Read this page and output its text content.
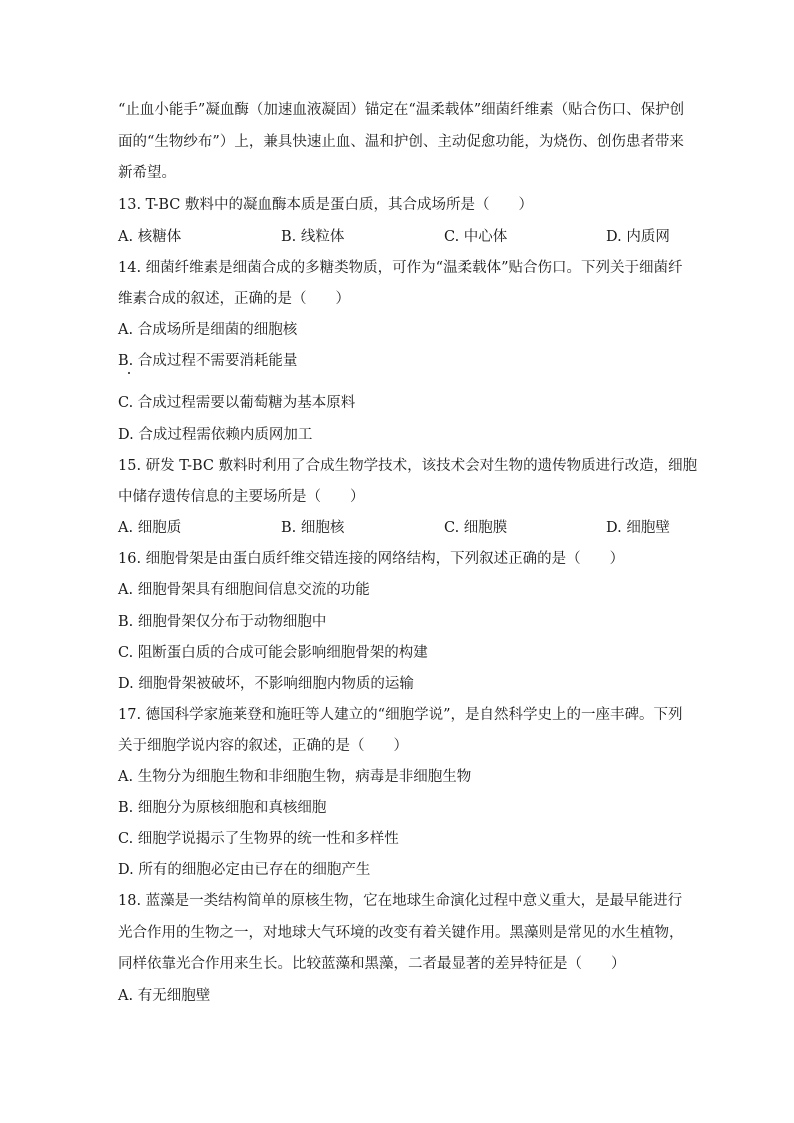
“止血小能手”凝血酶（加速血液凝固）锚定在“温柔载体”细菌纤维素（贴合伤口、保护创
面的“生物纱布”）上，兼具快速止血、温和护创、主动促愈功能，为烧伤、创伤患者带来
新希望。
13. T-BC 敷料中的凝血酶本质是蛋白质，其合成场所是（　　）
A. 核糖体	B. 线粒体	C. 中心体	D. 内质网
14. 细菌纤维素是细菌合成的多糖类物质，可作为“温柔载体”贴合伤口。下列关于细菌纤
维素合成的叙述，正确的是（　　）
A. 合成场所是细菌的细胞核
B. 合成过程不需要消耗能量
C. 合成过程需要以葡萄糖为基本原料
D. 合成过程需依赖内质网加工
15. 研发 T-BC 敷料时利用了合成生物学技术，该技术会对生物的遗传物质进行改造，细胞
中储存遗传信息的主要场所是（　　）
A. 细胞质	B. 细胞核	C. 细胞膜	D. 细胞壁
16. 细胞骨架是由蛋白质纤维交错连接的网络结构，下列叙述正确的是（　　）
A. 细胞骨架具有细胞间信息交流的功能
B. 细胞骨架仅分布于动物细胞中
C. 阻断蛋白质的合成可能会影响细胞骨架的构建
D. 细胞骨架被破坏，不影响细胞内物质的运输
17. 德国科学家施莱登和施旺等人建立的“细胞学说”，是自然科学史上的一座丰碑。下列
关于细胞学说内容的叙述，正确的是（　　）
A. 生物分为细胞生物和非细胞生物，病毒是非细胞生物
B. 细胞分为原核细胞和真核细胞
C. 细胞学说揭示了生物界的统一性和多样性
D. 所有的细胞必定由已存在的细胞产生
18. 蓝藻是一类结构简单的原核生物，它在地球生命演化过程中意义重大，是最早能进行
光合作用的生物之一，对地球大气环境的改变有着关键作用。黑藻则是常见的水生植物，
同样依靠光合作用来生长。比较蓝藻和黑藻，二者最显著的差异特征是（　　）
A. 有无细胞壁
